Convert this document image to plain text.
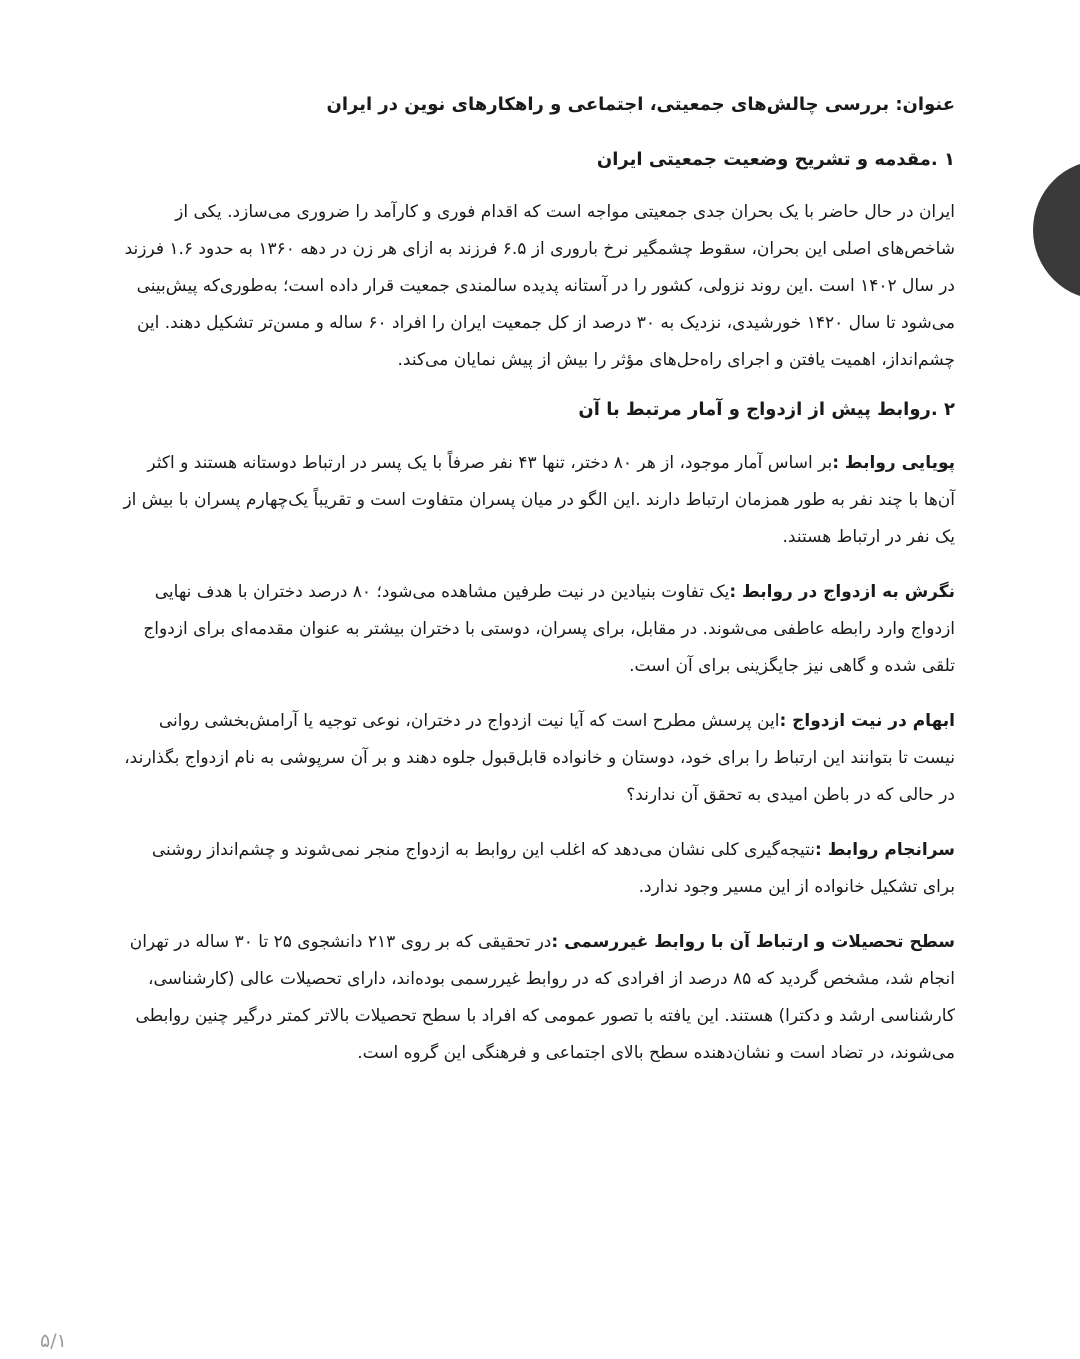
عنوان: بررسی چالش‌های جمعیتی، اجتماعی و راهکارهای نوین در ایران
۱ .مقدمه و تشریح وضعیت جمعیتی ایران

ایران در حال حاضر با یک بحران جدی جمعیتی مواجه است که اقدام فوری و کارآمد را ضروری می‌سازد. یکی از شاخص‌های اصلی این بحران، سقوط چشمگیر نرخ باروری از ۶.۵ فرزند به ازای هر زن در دهه ۱۳۶۰ به حدود ۱.۶ فرزند در سال ۱۴۰۲ است .این روند نزولی، کشور را در آستانه پدیده سالمندی جمعیت قرار داده است؛ به‌طوری‌که پیش‌بینی می‌شود تا سال ۱۴۲۰ خورشیدی، نزدیک به ۳۰ درصد از کل جمعیت ایران را افراد ۶۰ ساله و مسن‌تر تشکیل دهند. این چشم‌انداز، اهمیت یافتن و اجرای راه‌حل‌های مؤثر را بیش از پیش نمایان می‌کند.

۲ .روابط پیش از ازدواج و آمار مرتبط با آن

پویایی روابط :بر اساس آمار موجود، از هر ۸۰ دختر، تنها ۴۳ نفر صرفاً با یک پسر در ارتباط دوستانه هستند و اکثر آن‌ها با چند نفر به طور همزمان ارتباط دارند .این الگو در میان پسران متفاوت است و تقریباً یک‌چهارم پسران با بیش از یک نفر در ارتباط هستند.

نگرش به ازدواج در روابط :یک تفاوت بنیادین در نیت طرفین مشاهده می‌شود؛ ۸۰ درصد دختران با هدف نهایی ازدواج وارد رابطه عاطفی می‌شوند. در مقابل، برای پسران، دوستی با دختران بیشتر به عنوان مقدمه‌ای برای ازدواج تلقی شده و گاهی نیز جایگزینی برای آن است.

ابهام در نیت ازدواج :این پرسش مطرح است که آیا نیت ازدواج در دختران، نوعی توجیه یا آرامش‌بخشی روانی نیست تا بتوانند این ارتباط را برای خود، دوستان و خانواده قابل‌قبول جلوه دهند و بر آن سرپوشی به نام ازدواج بگذارند، در حالی که در باطن امیدی به تحقق آن ندارند؟

سرانجام روابط :نتیجه‌گیری کلی نشان می‌دهد که اغلب این روابط به ازدواج منجر نمی‌شوند و چشم‌انداز روشنی برای تشکیل خانواده از این مسیر وجود ندارد.

سطح تحصیلات و ارتباط آن با روابط غیررسمی :در تحقیقی که بر روی ۲۱۳ دانشجوی ۲۵ تا ۳۰ ساله در تهران انجام شد، مشخص گردید که ۸۵ درصد از افرادی که در روابط غیررسمی بوده‌اند، دارای تحصیلات عالی (کارشناسی، کارشناسی ارشد و دکترا) هستند. این یافته با تصور عمومی که افراد با سطح تحصیلات بالاتر کمتر درگیر چنین روابطی می‌شوند، در تضاد است و نشان‌دهنده سطح بالای اجتماعی و فرهنگی این گروه است.

۵/۱
